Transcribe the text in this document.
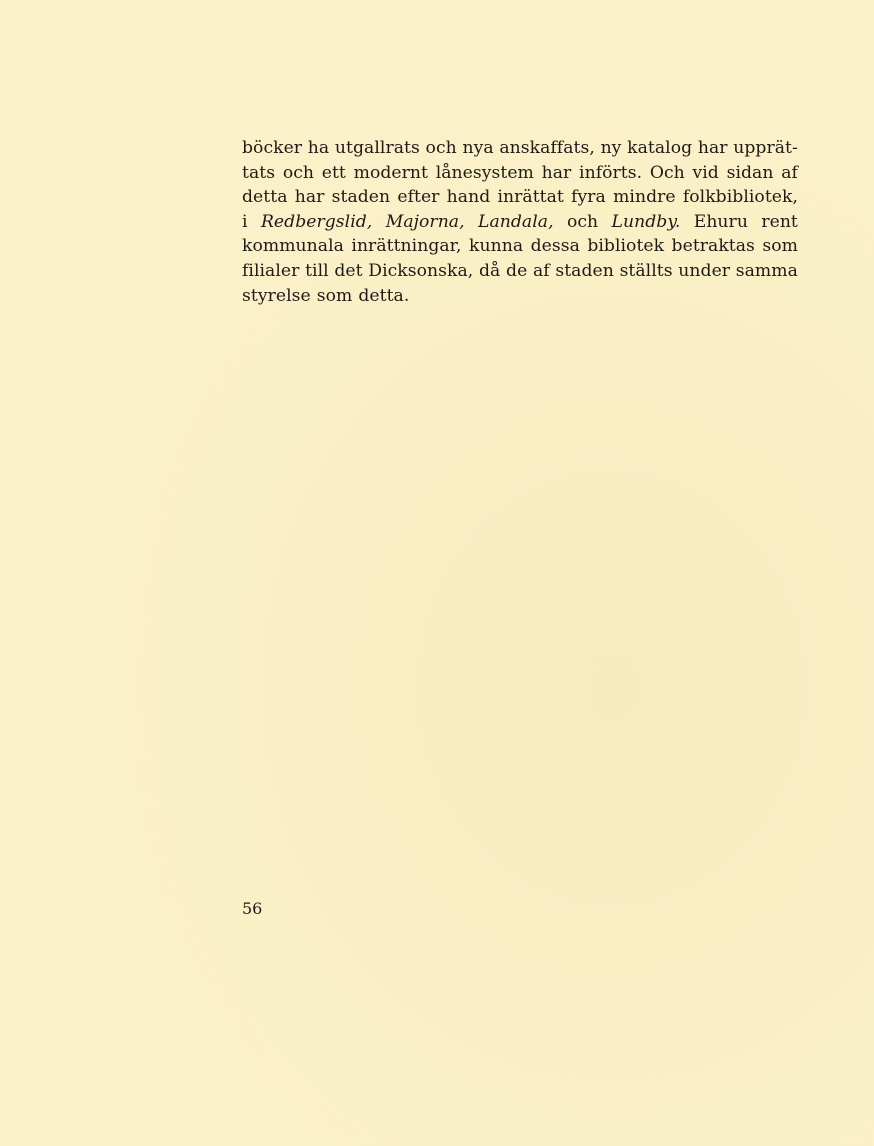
böcker ha utgallrats och nya anskaffats, ny katalog har upprät-
tats och ett modernt lånesystem har införts. Och vid sidan af
detta har staden efter hand inrättat fyra mindre folkbibliotek,
i Redbergslid, Majorna, Landala, och Lundby. Ehuru rent
kommunala inrättningar, kunna dessa bibliotek betraktas som
filialer till det Dicksonska, då de af staden ställts under samma
styrelse som detta.
56
